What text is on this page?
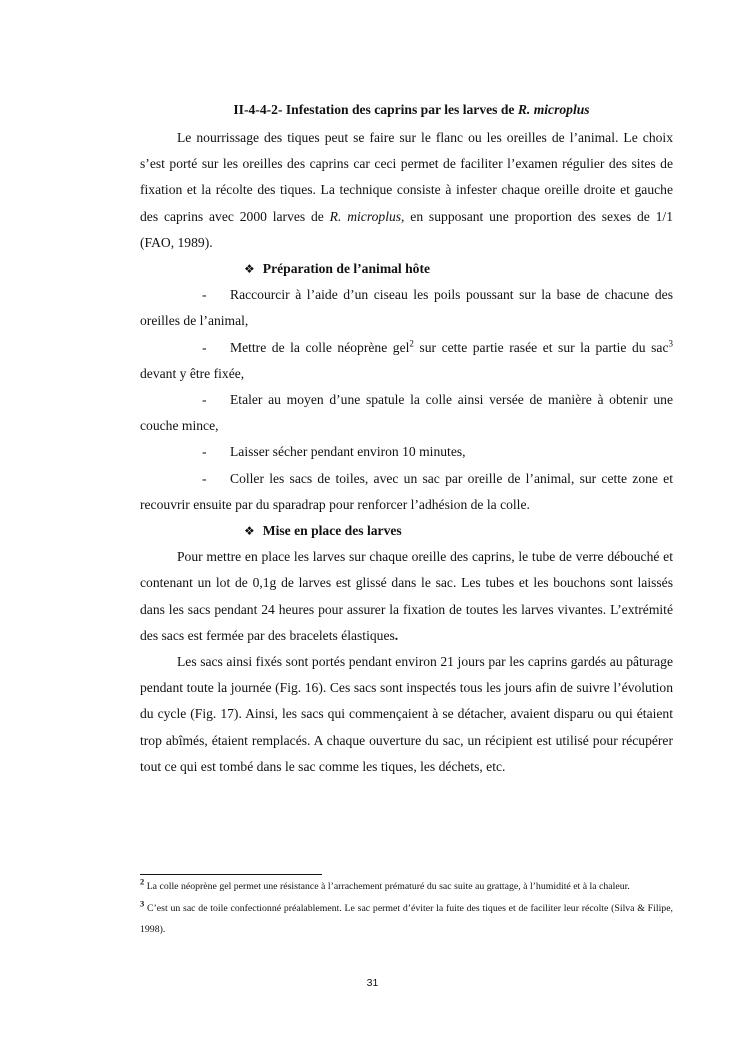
II-4-4-2- Infestation des caprins par les larves de R. microplus

Le nourrissage des tiques peut se faire sur le flanc ou les oreilles de l’animal. Le choix s’est porté sur les oreilles des caprins car ceci permet de faciliter l’examen régulier des sites de fixation et la récolte des tiques. La technique consiste à infester chaque oreille droite et gauche des caprins avec 2000 larves de R. microplus, en supposant une proportion des sexes de 1/1 (FAO, 1989).

❖ Préparation de l’animal hôte
- Raccourcir à l’aide d’un ciseau les poils poussant sur la base de chacune des oreilles de l’animal,
- Mettre de la colle néoprène gel$^2$ sur cette partie rasée et sur la partie du sac$^3$ devant y être fixée,
- Etaler au moyen d’une spatule la colle ainsi versée de manière à obtenir une couche mince,
- Laisser sécher pendant environ 10 minutes,
- Coller les sacs de toiles, avec un sac par oreille de l’animal, sur cette zone et recouvrir ensuite par du sparadrap pour renforcer l’adhésion de la colle.
❖ Mise en place des larves

Pour mettre en place les larves sur chaque oreille des caprins, le tube de verre débouché et contenant un lot de 0,1g de larves est glissé dans le sac. Les tubes et les bouchons sont laissés dans les sacs pendant 24 heures pour assurer la fixation de toutes les larves vivantes. L’extrémité des sacs est fermée par des bracelets élastiques.

Les sacs ainsi fixés sont portés pendant environ 21 jours par les caprins gardés au pâturage pendant toute la journée (Fig. 16). Ces sacs sont inspectés tous les jours afin de suivre l’évolution du cycle (Fig. 17). Ainsi, les sacs qui commençaient à se détacher, avaient disparu ou qui étaient trop abîmés, étaient remplacés. A chaque ouverture du sac, un récipient est utilisé pour récupérer tout ce qui est tombé dans le sac comme les tiques, les déchets, etc.

$^2$ La colle néoprène gel permet une résistance à l’arrachement prématuré du sac suite au grattage, à l’humidité et à la chaleur.
$^3$ C’est un sac de toile confectionné préalablement. Le sac permet d’éviter la fuite des tiques et de faciliter leur récolte (Silva & Filipe, 1998).
31
